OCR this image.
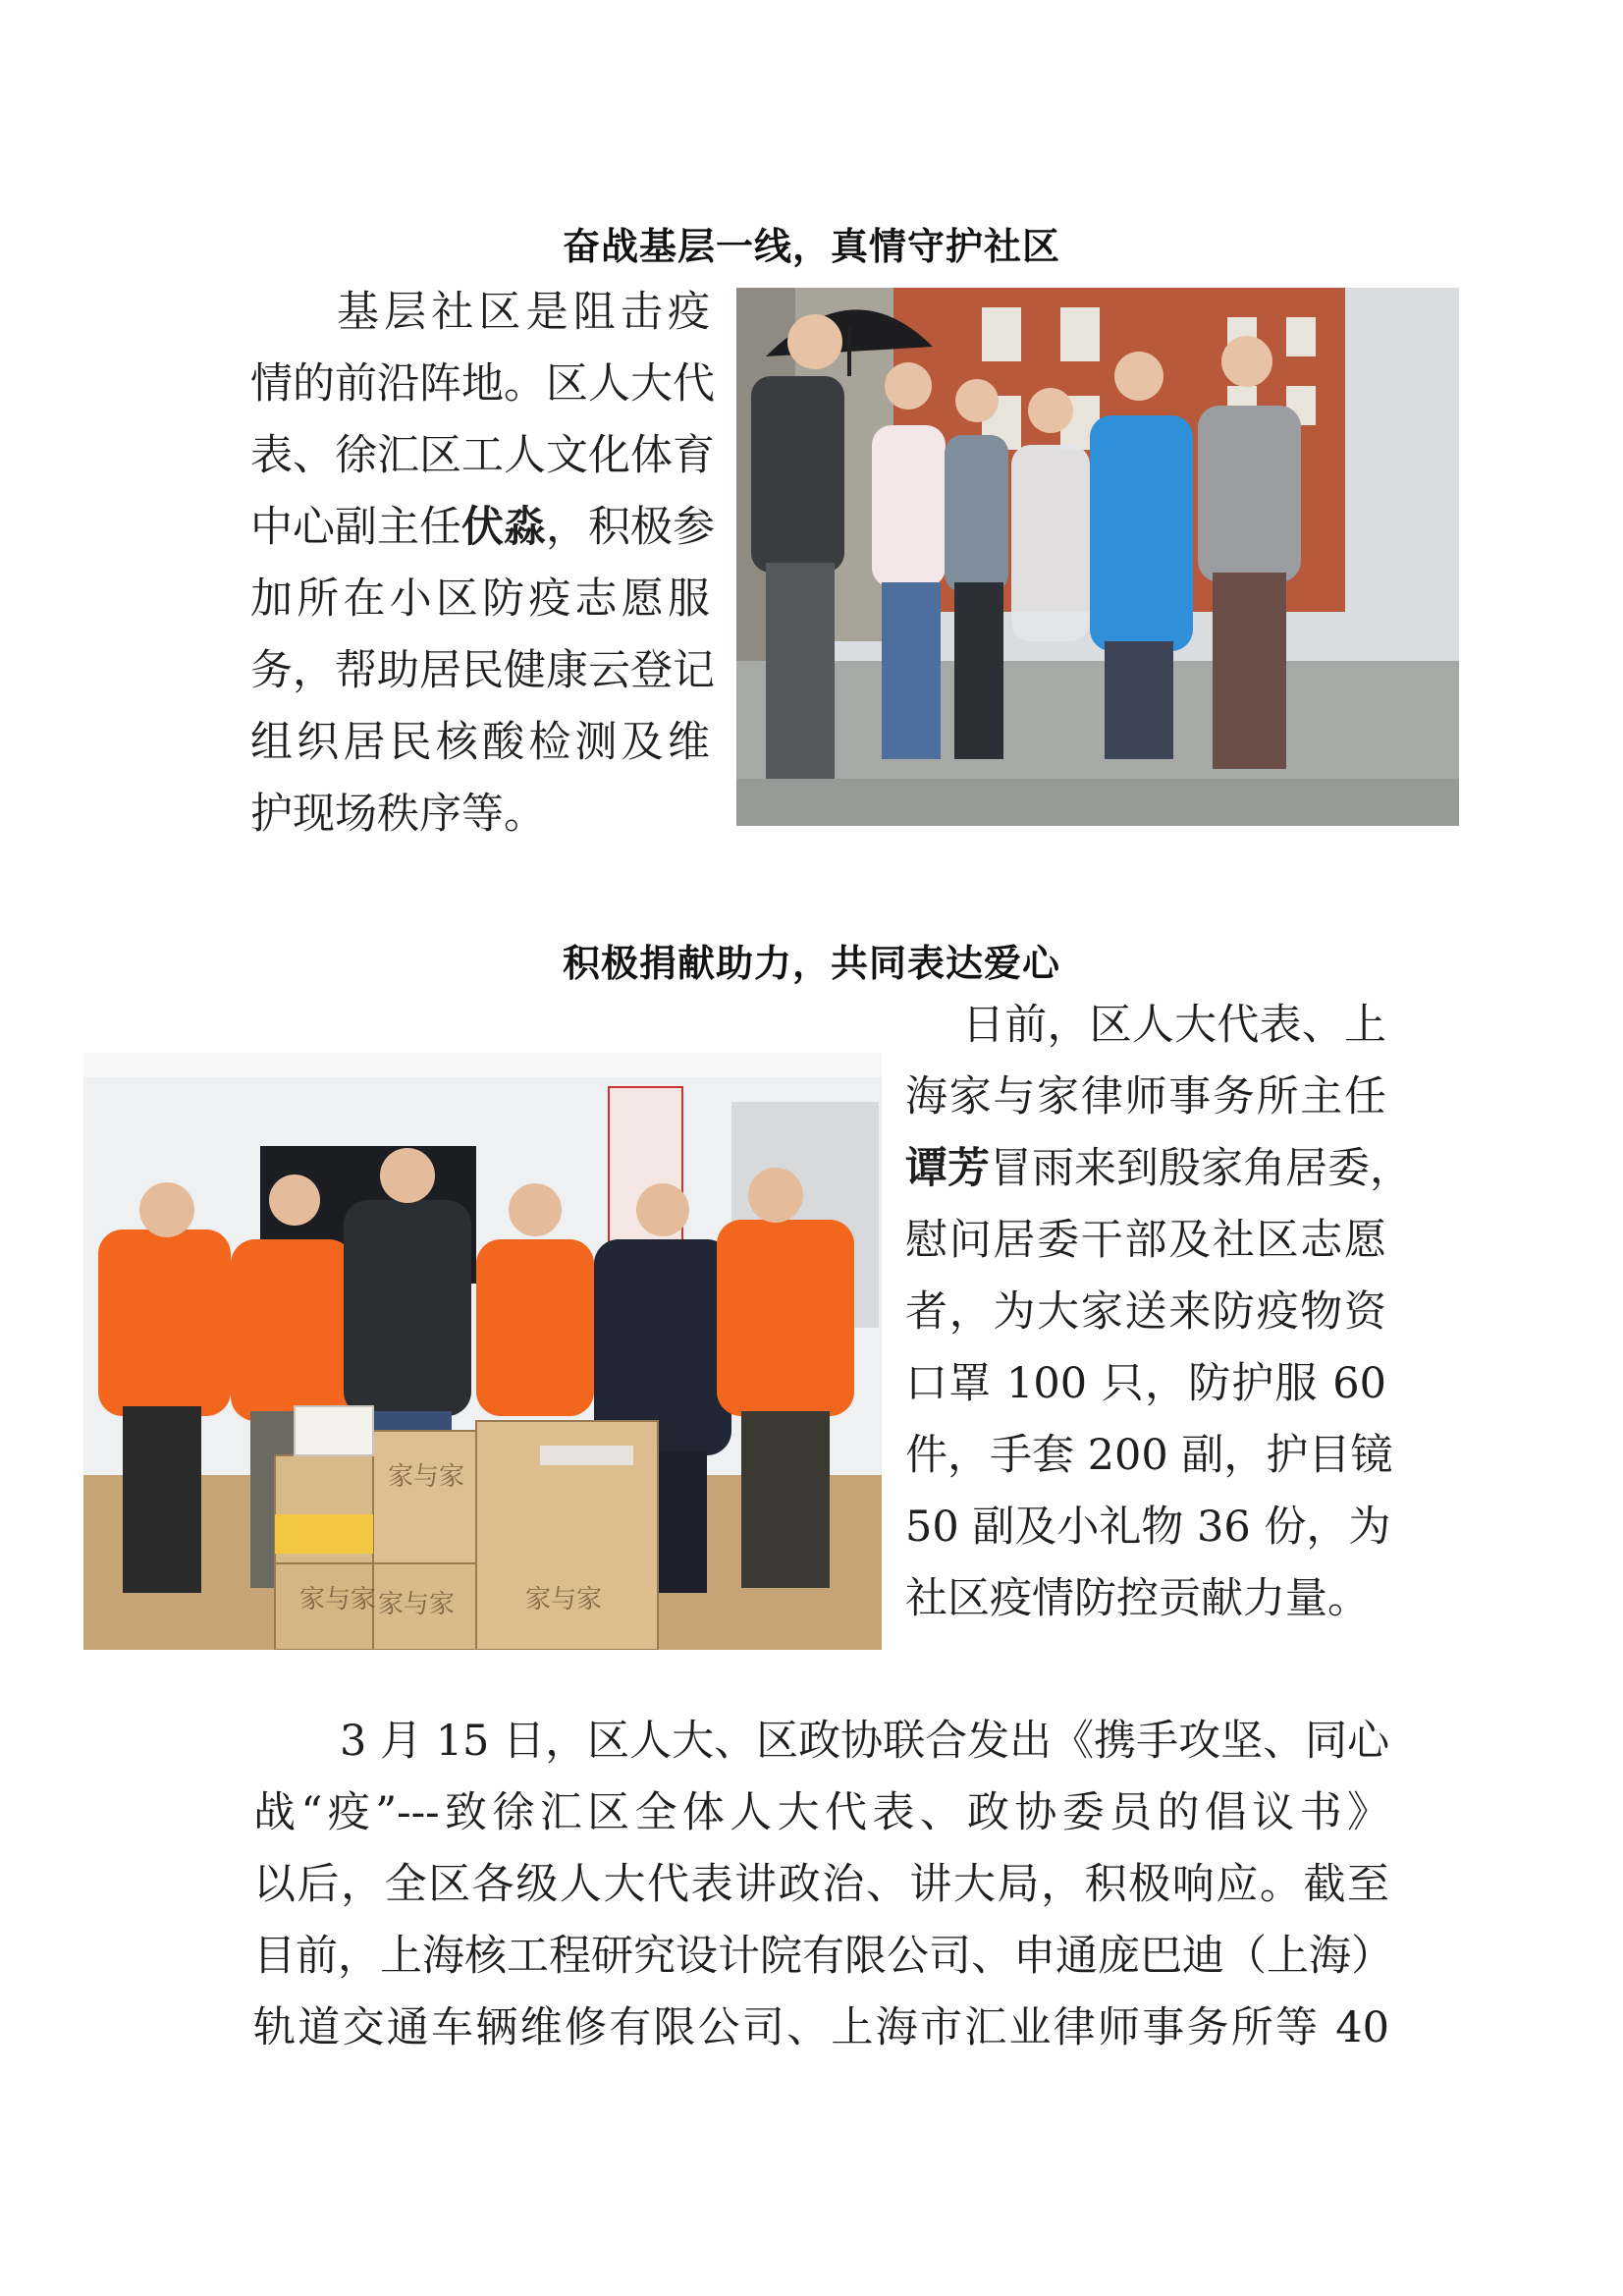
奋战基层一线，真情守护社区
基层社区是阻击疫
情的前沿阵地。区人大代
表、徐汇区工人文化体育
中心副主任伏淼，积极参
加所在小区防疫志愿服
务，帮助居民健康云登记
组织居民核酸检测及维
护现场秩序等。
积极捐献助力，共同表达爱心
日前，区人大代表、上
海家与家律师事务所主任
谭芳冒雨来到殷家角居委，
慰问居委干部及社区志愿
者，为大家送来防疫物资
口罩 100 只，防护服 60
件，手套 200 副，护目镜
50 副及小礼物 36 份，为
社区疫情防控贡献力量。
家与家
家与家
家与家	家与家
3 月 15 日，区人大、区政协联合发出《携手攻坚、同心
战“疫”---致徐汇区全体人大代表、政协委员的倡议书》
以后，全区各级人大代表讲政治、讲大局，积极响应。截至
目前，上海核工程研究设计院有限公司、申通庞巴迪（上海）
轨道交通车辆维修有限公司、上海市汇业律师事务所等 40
